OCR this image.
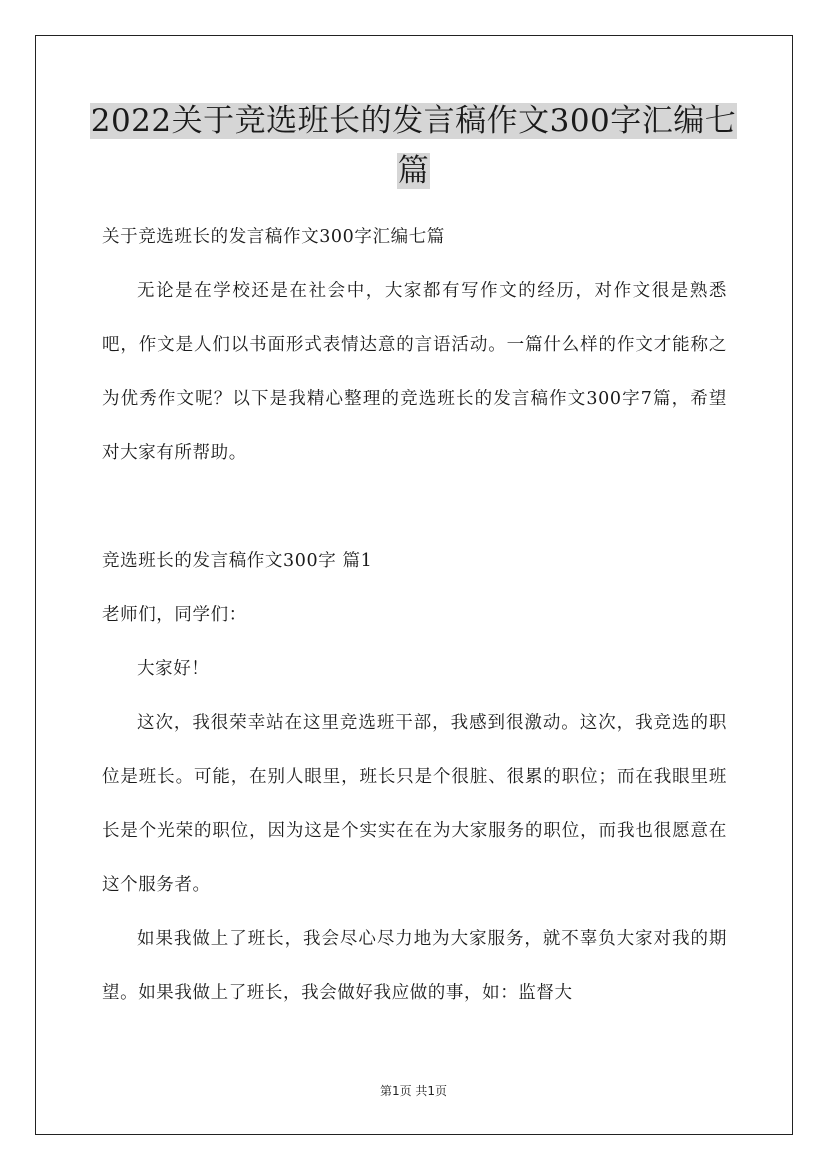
2022关于竞选班长的发言稿作文300字汇编七
篇

关于竞选班长的发言稿作文300字汇编七篇

无论是在学校还是在社会中，大家都有写作文的经历，对作文很是熟悉吧，作文是人们以书面形式表情达意的言语活动。一篇什么样的作文才能称之为优秀作文呢？以下是我精心整理的竞选班长的发言稿作文300字7篇，希望对大家有所帮助。

竞选班长的发言稿作文300字 篇1

老师们，同学们：

大家好！

这次，我很荣幸站在这里竞选班干部，我感到很激动。这次，我竞选的职位是班长。可能，在别人眼里，班长只是个很脏、很累的职位；而在我眼里班长是个光荣的职位，因为这是个实实在在为大家服务的职位，而我也很愿意在这个服务者。

如果我做上了班长，我会尽心尽力地为大家服务，就不辜负大家对我的期望。如果我做上了班长，我会做好我应做的事，如：监督大

第1页 共1页
